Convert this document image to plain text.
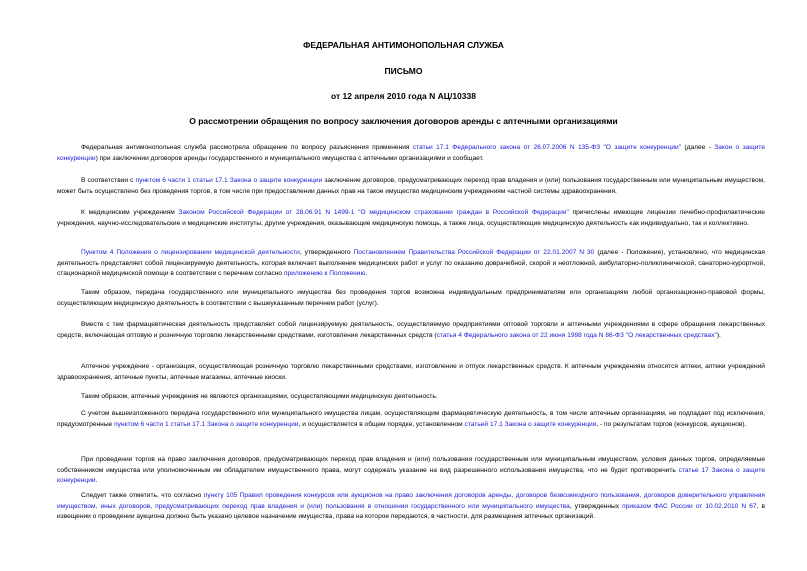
ФЕДЕРАЛЬНАЯ АНТИМОНОПОЛЬНАЯ СЛУЖБА
ПИСЬМО
от 12 апреля 2010 года N АЦ/10338
О рассмотрении обращения по вопросу заключения договоров аренды с аптечными организациями
Федеральная антимонопольная служба рассмотрела обращение по вопросу разъяснения применения статьи 17.1 Федерального закона от 26.07.2006 N 135-ФЗ "О защите конкуренции" (далее - Закон о защите конкуренции) при заключении договоров аренды государственного и муниципального имущества с аптечными организациями и сообщает.
В соответствии с пунктом 6 части 1 статьи 17.1 Закона о защите конкуренции заключение договоров, предусматривающих переход прав владения и (или) пользования государственным или муниципальным имуществом, может быть осуществлено без проведения торгов, в том числе при предоставлении данных прав на такое имущество медицинским учреждениям частной системы здравоохранения.
К медицинским учреждениям Законом Российской Федерации от 28.06.91 N 1499-1 "О медицинском страховании граждан в Российской Федерации" причислены имеющие лицензии лечебно-профилактические учреждения, научно-исследовательские и медицинские институты, другие учреждения, оказывающие медицинскую помощь, а также лица, осуществляющие медицинскую деятельность как индивидуально, так и коллективно.
Пунктом 4 Положения о лицензировании медицинской деятельности, утвержденного Постановлением Правительства Российской Федерации от 22.01.2007 N 30 (далее - Положение), установлено, что медицинская деятельность представляет собой лицензируемую деятельность, которая включает выполнение медицинских работ и услуг по оказанию доврачебной, скорой и неотложной, амбулаторно-поликлинической, санаторно-курортной, стационарной медицинской помощи в соответствии с перечнем согласно приложению к Положению.
Таким образом, передача государственного или муниципального имущества без проведения торгов возможна индивидуальным предпринимателям или организациям любой организационно-правовой формы, осуществляющим медицинскую деятельность в соответствии с вышеуказанным перечнем работ (услуг).
Вместе с тем фармацевтическая деятельность представляет собой лицензируемую деятельность, осуществляемую предприятиями оптовой торговли и аптечными учреждениями в сфере обращения лекарственных средств, включающая оптовую и розничную торговлю лекарственными средствами, изготовление лекарственных средств (статья 4 Федерального закона от 22 июня 1998 года N 86-ФЗ "О лекарственных средствах").
Аптечное учреждение - организация, осуществляющая розничную торговлю лекарственными средствами, изготовление и отпуск лекарственных средств. К аптечным учреждениям относятся аптеки, аптеки учреждений здравоохранения, аптечные пункты, аптечные магазины, аптечные киоски.
Таким образом, аптечные учреждения не являются организациями, осуществляющими медицинскую деятельность.
С учетом вышеизложенного передача государственного или муниципального имущества лицам, осуществляющим фармацевтическую деятельность, в том числе аптечным организациям, не подпадает под исключения, предусмотренные пунктом 6 части 1 статьи 17.1 Закона о защите конкуренции, и осуществляется в общем порядке, установленном статьей 17.1 Закона о защите конкуренции, - по результатам торгов (конкурсов, аукционов).
При проведении торгов на право заключения договоров, предусматривающих переход прав владения и (или) пользования государственным или муниципальным имуществом, условия данных торгов, определяемые собственником имущества или уполномоченным им обладателем имущественного права, могут содержать указание на вид разрешенного использования имущества, что не будет противоречить статье 17 Закона о защите конкуренции.
Следует также отметить, что согласно пункту 105 Правил проведения конкурсов или аукционов на право заключения договоров аренды, договоров безвозмездного пользования, договоров доверительного управления имуществом, иных договоров, предусматривающих переход прав владения и (или) пользования в отношении государственного или муниципального имущества, утвержденных приказом ФАС России от 10.02.2010 N 67, в извещении о проведении аукциона должно быть указано целевое назначение имущества, права на которое передаются, в частности, для размещения аптечных организаций.
